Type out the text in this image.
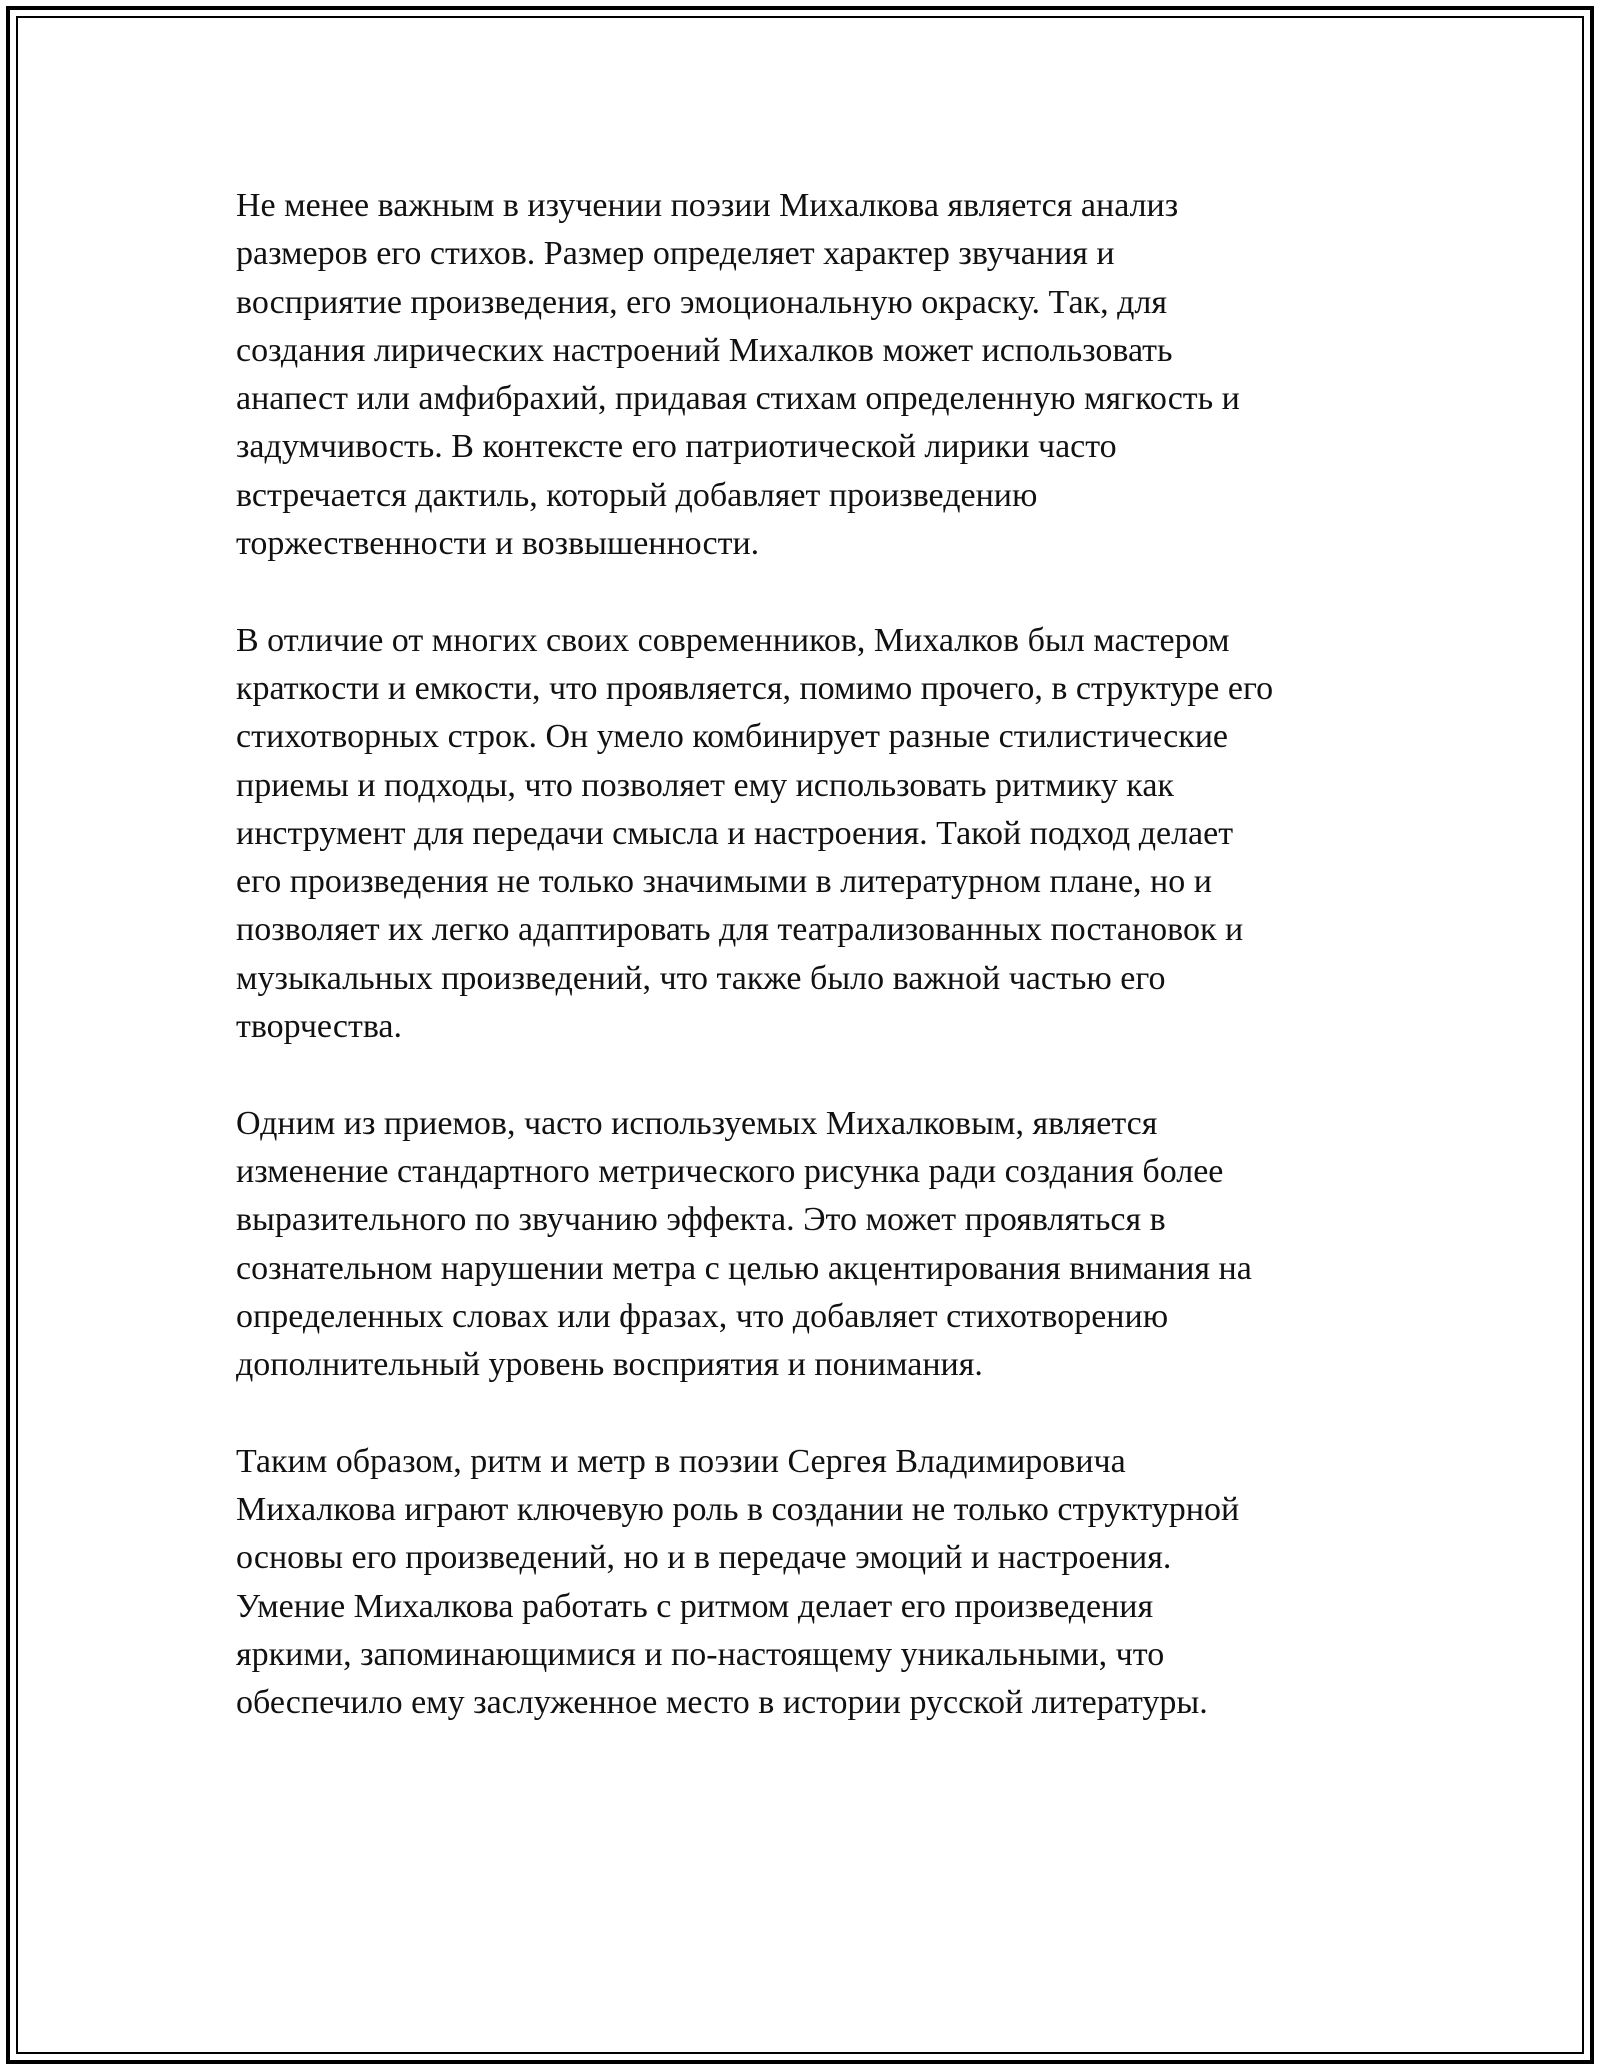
Не менее важным в изучении поэзии Михалкова является анализ
размеров его стихов. Размер определяет характер звучания и
восприятие произведения, его эмоциональную окраску. Так, для
создания лирических настроений Михалков может использовать
анапест или амфибрахий, придавая стихам определенную мягкость и
задумчивость. В контексте его патриотической лирики часто
встречается дактиль, который добавляет произведению
торжественности и возвышенности.

В отличие от многих своих современников, Михалков был мастером
краткости и емкости, что проявляется, помимо прочего, в структуре его
стихотворных строк. Он умело комбинирует разные стилистические
приемы и подходы, что позволяет ему использовать ритмику как
инструмент для передачи смысла и настроения. Такой подход делает
его произведения не только значимыми в литературном плане, но и
позволяет их легко адаптировать для театрализованных постановок и
музыкальных произведений, что также было важной частью его
творчества.

Одним из приемов, часто используемых Михалковым, является
изменение стандартного метрического рисунка ради создания более
выразительного по звучанию эффекта. Это может проявляться в
сознательном нарушении метра с целью акцентирования внимания на
определенных словах или фразах, что добавляет стихотворению
дополнительный уровень восприятия и понимания.

Таким образом, ритм и метр в поэзии Сергея Владимировича
Михалкова играют ключевую роль в создании не только структурной
основы его произведений, но и в передаче эмоций и настроения.
Умение Михалкова работать с ритмом делает его произведения
яркими, запоминающимися и по-настоящему уникальными, что
обеспечило ему заслуженное место в истории русской литературы.
